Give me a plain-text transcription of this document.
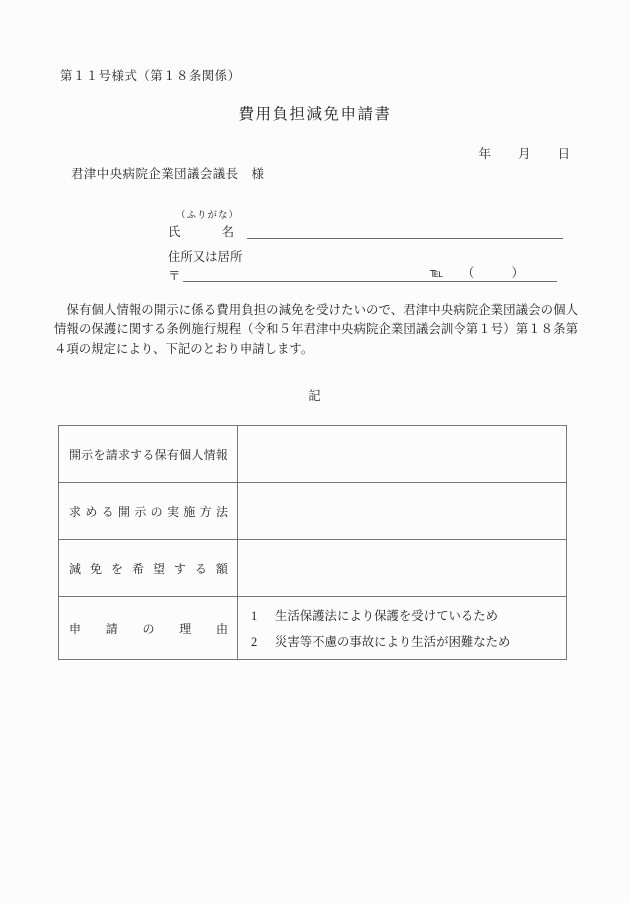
第１１号様式（第１８条関係）
費用負担減免申請書
年 月 日
君津中央病院企業団議会議長　様
（ふりがな）
氏	名
住所又は居所
〒	℡　　（　　　）
保有個人情報の開示に係る費用負担の減免を受けたいので、君津中央病院企業団議会の個人情報の保護に関する条例施行規程（令和５年君津中央病院企業団議会訓令第１号）第１８条第４項の規定により、下記のとおり申請します。
記
開 示 を 請 求 す る 保 有 個 人 情 報
求 め る 開 示 の 実 施 方 法
減 免 を 希 望 す る 額
申 請 の 理 由
1	生活保護法により保護を受けているため
2	災害等不慮の事故により生活が困難なため
